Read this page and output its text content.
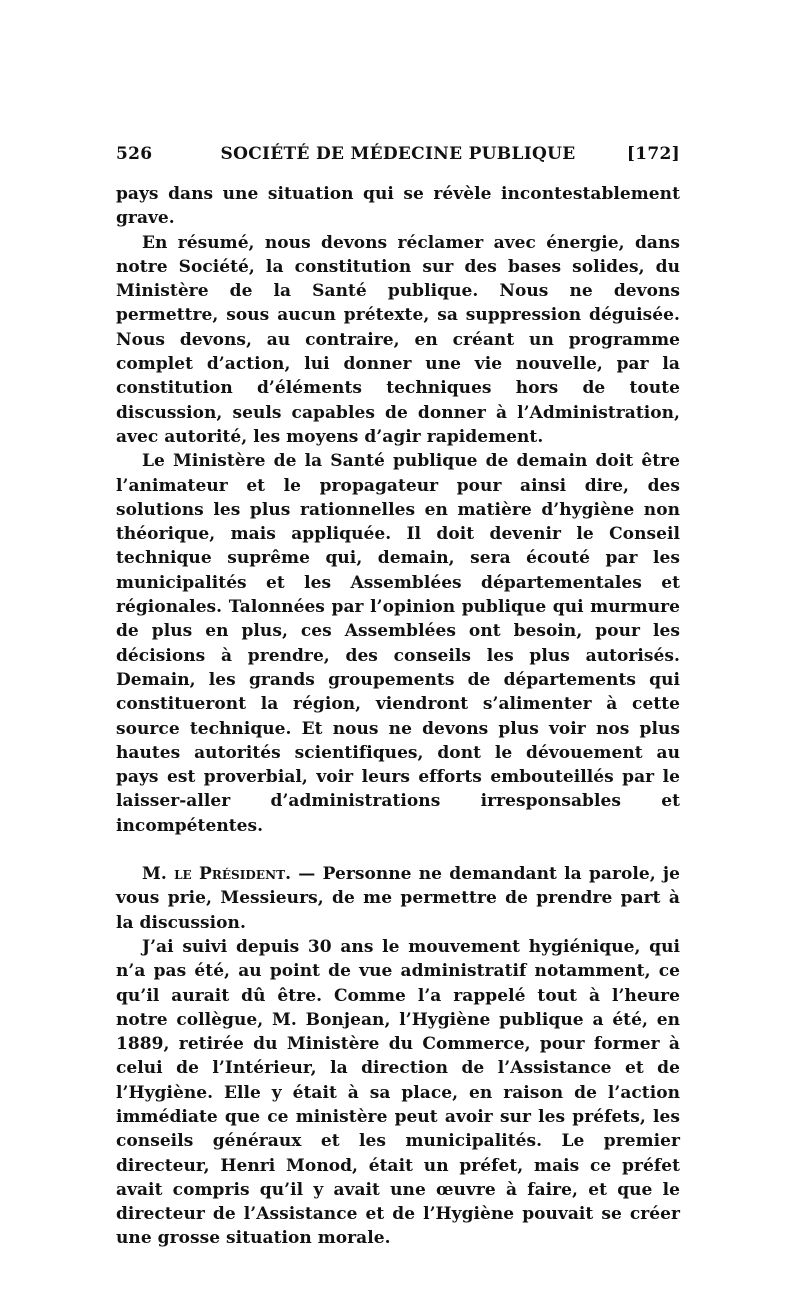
526	SOCIÉTÉ DE MÉDECINE PUBLIQUE	[172]

pays dans une situation qui se révèle incontestablement grave.

En résumé, nous devons réclamer avec énergie, dans notre Société, la constitution sur des bases solides, du Ministère de la Santé publique. Nous ne devons permettre, sous aucun prétexte, sa suppression déguisée. Nous devons, au contraire, en créant un programme complet d’action, lui donner une vie nouvelle, par la constitution d’éléments techniques hors de toute discussion, seuls capables de donner à l’Administration, avec autorité, les moyens d’agir rapidement.

Le Ministère de la Santé publique de demain doit être l’animateur et le propagateur pour ainsi dire, des solutions les plus rationnelles en matière d’hygiène non théorique, mais appliquée. Il doit devenir le Conseil technique suprême qui, demain, sera écouté par les municipalités et les Assemblées départementales et régionales. Talonnées par l’opinion publique qui murmure de plus en plus, ces Assemblées ont besoin, pour les décisions à prendre, des conseils les plus autorisés. Demain, les grands groupements de départements qui constitueront la région, viendront s’alimenter à cette source technique. Et nous ne devons plus voir nos plus hautes autorités scientifiques, dont le dévouement au pays est proverbial, voir leurs efforts embouteillés par le laisser-aller d’administrations irresponsables et incompétentes.

M. le Président. — Personne ne demandant la parole, je vous prie, Messieurs, de me permettre de prendre part à la discussion.

J’ai suivi depuis 30 ans le mouvement hygiénique, qui n’a pas été, au point de vue administratif notamment, ce qu’il aurait dû être. Comme l’a rappelé tout à l’heure notre collègue, M. Bonjean, l’Hygiène publique a été, en 1889, retirée du Ministère du Commerce, pour former à celui de l’Intérieur, la direction de l’Assistance et de l’Hygiène. Elle y était à sa place, en raison de l’action immédiate que ce ministère peut avoir sur les préfets, les conseils généraux et les municipalités. Le premier directeur, Henri Monod, était un préfet, mais ce préfet avait compris qu’il y avait une œuvre à faire, et que le directeur de l’Assistance et de l’Hygiène pouvait se créer une grosse situation morale.
